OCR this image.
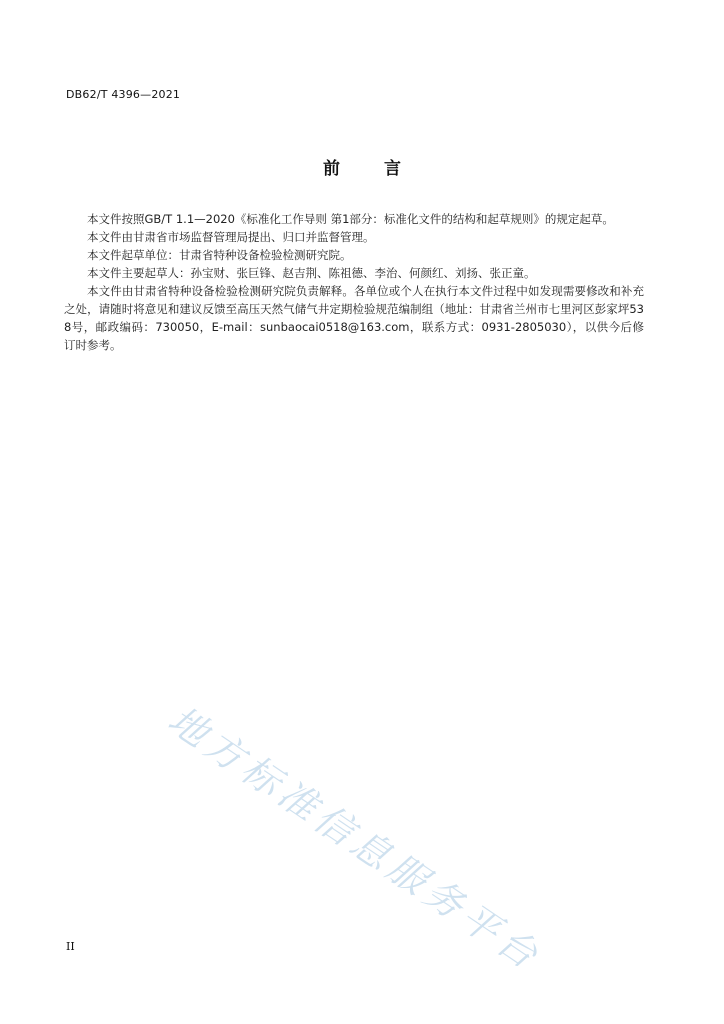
DB62/T 4396—2021
前言

本文件按照GB/T 1.1—2020《标准化工作导则 第1部分：标准化文件的结构和起草规则》的规定起草。

本文件由甘肃省市场监督管理局提出、归口并监督管理。

本文件起草单位：甘肃省特种设备检验检测研究院。

本文件主要起草人：孙宝财、张巨锋、赵吉荆、陈祖德、李治、何颜红、刘扬、张正童。

本文件由甘肃省特种设备检验检测研究院负责解释。各单位或个人在执行本文件过程中如发现需要修改和补充之处，请随时将意见和建议反馈至高压天然气储气井定期检验规范编制组（地址：甘肃省兰州市七里河区彭家坪538号，邮政编码：730050，E-mail：sunbaocai0518@163.com，联系方式：0931-2805030），以供今后修订时参考。

地方标准信息服务平台
II
